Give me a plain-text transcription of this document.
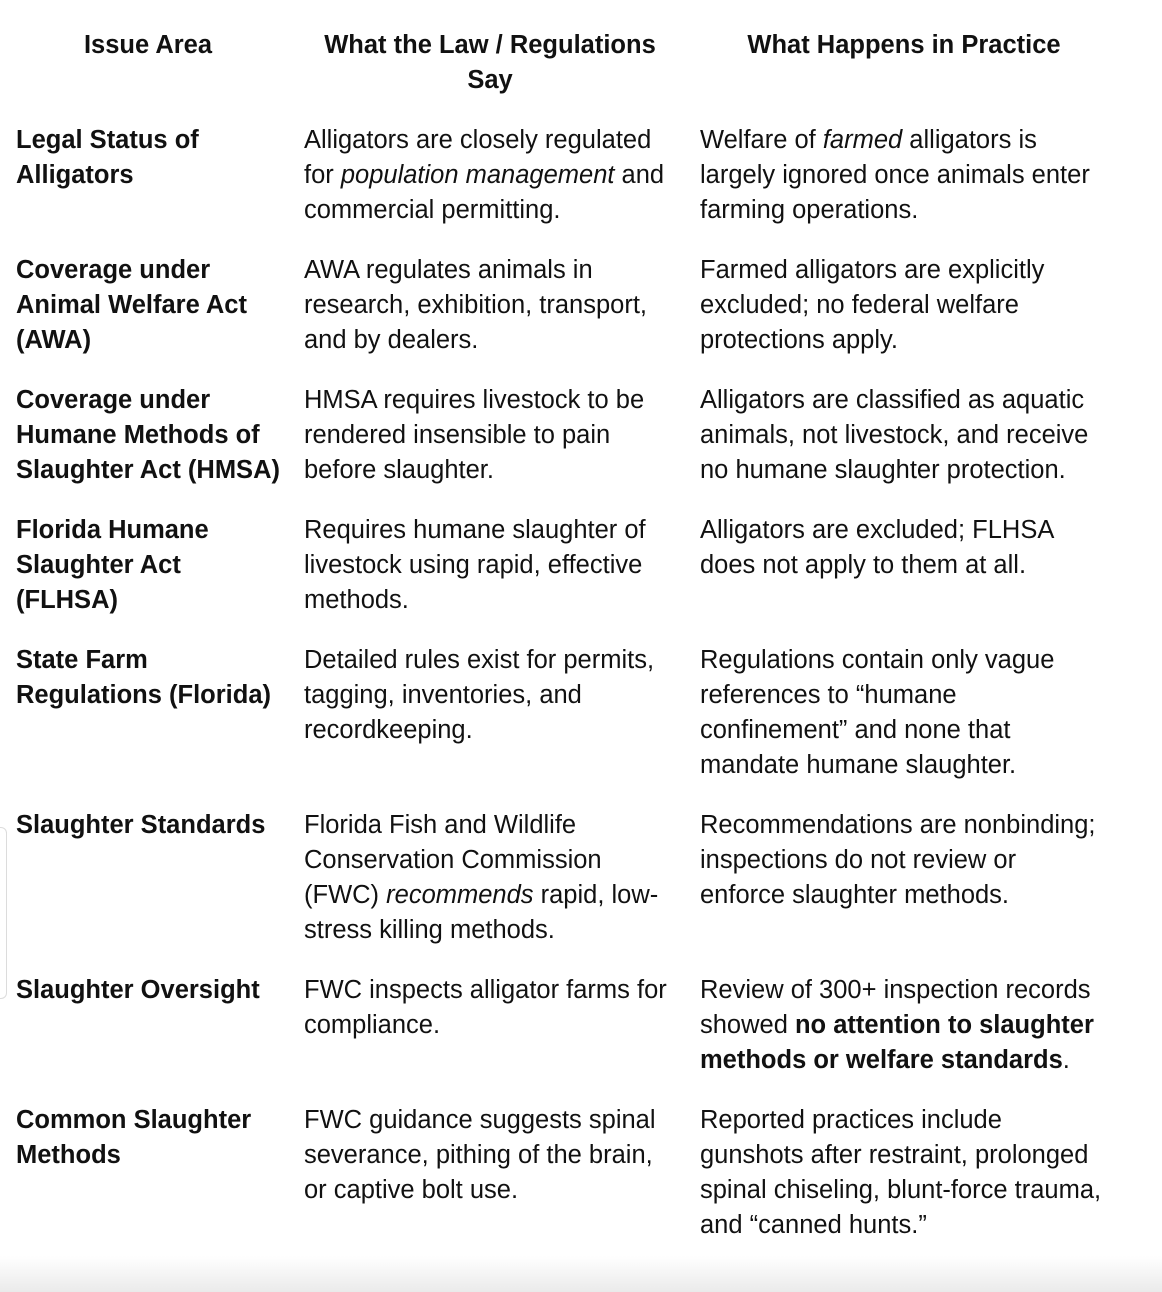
Issue Area	What the Law / Regulations Say	What Happens in Practice
Legal Status of Alligators	Alligators are closely regulated for population management and commercial permitting.	Welfare of farmed alligators is largely ignored once animals enter farming operations.
Coverage under Animal Welfare Act (AWA)	AWA regulates animals in research, exhibition, transport, and by dealers.	Farmed alligators are explicitly excluded; no federal welfare protections apply.
Coverage under Humane Methods of Slaughter Act (HMSA)	HMSA requires livestock to be rendered insensible to pain before slaughter.	Alligators are classified as aquatic animals, not livestock, and receive no humane slaughter protection.
Florida Humane Slaughter Act (FLHSA)	Requires humane slaughter of livestock using rapid, effective methods.	Alligators are excluded; FLHSA does not apply to them at all.
State Farm Regulations (Florida)	Detailed rules exist for permits, tagging, inventories, and recordkeeping.	Regulations contain only vague references to “humane confinement” and none that mandate humane slaughter.
Slaughter Standards	Florida Fish and Wildlife Conservation Commission (FWC) recommends rapid, low-stress killing methods.	Recommendations are nonbinding; inspections do not review or enforce slaughter methods.
Slaughter Oversight	FWC inspects alligator farms for compliance.	Review of 300+ inspection records showed no attention to slaughter methods or welfare standards.
Common Slaughter Methods	FWC guidance suggests spinal severance, pithing of the brain, or captive bolt use.	Reported practices include gunshots after restraint, prolonged spinal chiseling, blunt-force trauma, and “canned hunts.”
